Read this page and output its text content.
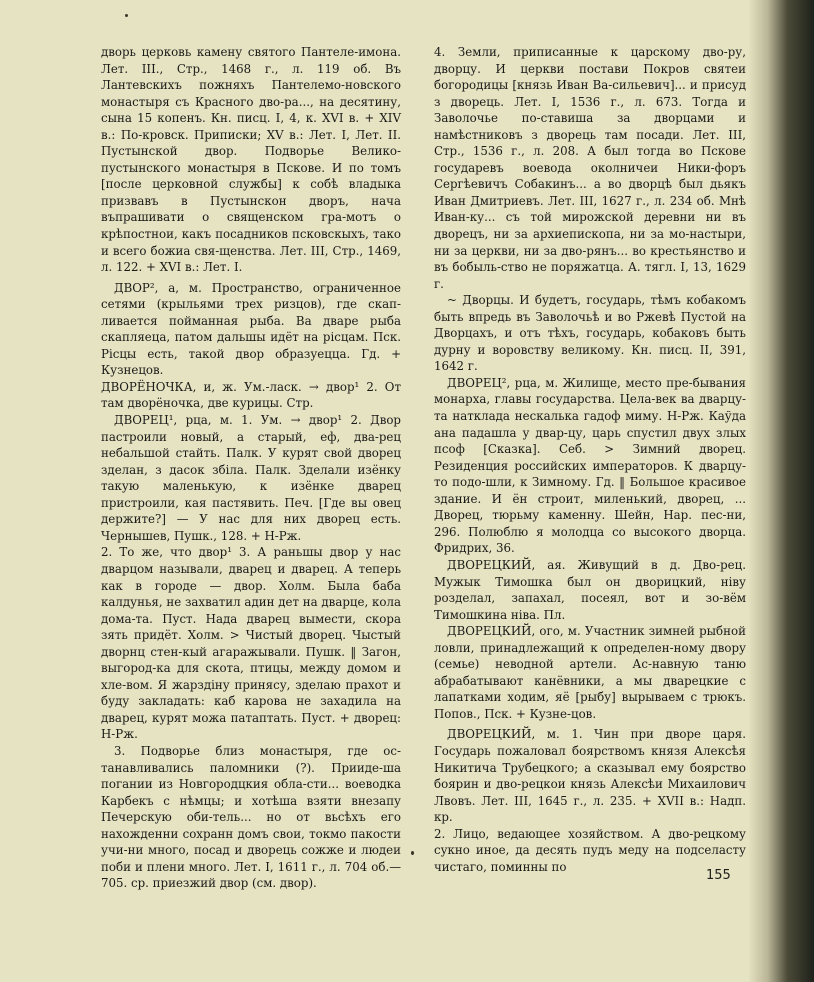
дворь церковь камену святого Пантеле-имона. Лет. III., Стр., 1468 г., л. 119 об. Въ Лантевскихъ пожняхъ Пантелемо-новского монастыря съ Красного дво-ра..., на десятину, сына 15 копенъ. Кн. писц. I, 4, к. XVI в. + XIV в.: По-кровск. Приписки; XV в.: Лет. I, Лет. II. Пустынской двор. Подворье Велико-пустынского монастыря в Пскове. И по томъ [после церковной службы] к собѣ владыка призвавъ в Пустынскон дворъ, нача въпрашивати о священском гра-мотъ о крѣпостнои, какъ посадников псковскыхъ, тако и всего божиа свя-щенства. Лет. III, Стр., 1469, л. 122. + XVI в.: Лет. I.

ДВОР², а, м. Пространство, ограниченное сетями (крыльями трех ризцов), где скап-ливается пойманная рыба. Ва дваре рыба скапляеца, патом дальшы идёт на рісцам. Пск. Рісцы есть, такой двор образуецца. Гд. + Кузнецов.

ДВОРЁНОЧКА, и, ж. Ум.-ласк. → двор¹ 2. От там дворёночка, две курицы. Стр.

ДВОРЕЦ¹, рца, м. 1. Ум. → двор¹ 2. Двор пастроили новый, а старый, еф, два-рец небальшой стайть. Палк. У курят свой дворец зделан, з дасок збіла. Палк. Зделали изёнку такую маленькую, к изёнке дварец пристроили, кая пастявить. Печ. [Где вы овец держите?] — У нас для них дворец есть. Чернышев, Пушк., 128. + Н-Рж.

2. То же, что двор¹ 3. А раньшы двор у нас дварцом называли, дварец и дварец. А теперь как в городе — двор. Холм. Была баба калдунья, не захватил адин дет на дварце, кола дома-та. Пуст. Нада дварец вымести, скора зять придёт. Холм. > Чистый дворец. Чыстый дворнц стен-кый агаражывали. Пушк. ‖ Загон, выгород-ка для скота, птицы, между домом и хле-вом. Я жарздіну принясу, зделаю прахот и буду закладать: каб карова не захадила на дварец, курят можа патаптать. Пуст. + дворец: Н-Рж.

3. Подворье близ монастыря, где ос-танавливались паломники (?). Прииде-ша погании из Новгородцкия обла-сти... воеводка Карбекъ с нѣмцы; и хотѣша взяти внезапу Печерскую оби-тель... но от вьсѣхъ его нахожденни сохранн домъ свои, токмо пакости учи-ни много, посад и дворець сожже и людеи поби и плени много. Лет. I, 1611 г., л. 704 об.—705. ср. приезжий двор (см. двор).

4. Земли, приписанные к царскому дво-ру, дворцу. И церкви постави Покров святеи богородицы [князь Иван Ва-сильевич]... и присуд з дворець. Лет. I, 1536 г., л. 673. Тогда и Заволочье по-ставиша за дворцами и намѣстниковъ з дворець там посади. Лет. III, Стр., 1536 г., л. 208. А был тогда во Пскове государевъ воевода околничеи Ники-форъ Сергѣевичъ Собакинъ... а во дворцѣ был дьякъ Иван Дмитриевъ. Лет. III, 1627 г., л. 234 об. Мнѣ Иван-ку... съ той мирожской деревни ни въ дворецъ, ни за архиепископа, ни за мо-настыри, ни за церкви, ни за дво-рянъ... во крестьянство и въ бобыль-ство не поряжатца. А. тягл. I, 13, 1629 г.

~ Дворцы. И будетъ, государь, тѣмъ кобакомъ быть впредь въ Заволочьѣ и во Ржевѣ Пустой на Дворцахъ, и отъ тѣхъ, государь, кобаковъ быть дурну и воровству великому. Кн. писц. II, 391, 1642 г.

ДВОРЕЦ², рца, м. Жилище, место пре-бывания монарха, главы государства. Цела-век ва дварцу-та натклада нескалька гадоф миму. Н-Рж. Каўда ана падашла у двар-цу, царь спустил двух злых псоф [Сказка]. Себ. > Зимний дворец. Резиденция российских императоров. К дварцу-то подо-шли, к Зимному. Гд. ‖ Большое красивое здание. И ён строит, миленький, дворец, ... Дворец, тюрьму каменну. Шейн, Нар. пес-ни, 296. Полюблю я молодца со высокого дворца. Фридрих, 36.

ДВОРЕЦКИЙ, ая. Живущий в д. Дво-рец. Мужык Тимошка был он дворицкий, ніву розделал, запахал, посеял, вот и зо-вём Тимошкина ніва. Пл.

ДВОРЕЦКИЙ, ого, м. Участник зимней рыбной ловли, принадлежащий к определен-ному двору (семье) неводной артели. Ас-навную таню абрабатывают канёвники, а мы дварецкие с лапатками ходим, яё [рыбу] вырываем с трюкъ. Попов., Пск. + Кузне-цов.

ДВОРЕЦКИЙ, м. 1. Чин при дворе царя. Государь пожаловал боярствомъ князя Алексѣя Никитича Трубецкого; а сказывал ему боярство боярин и дво-рецкои князь Алексѣи Михаилович Лвовъ. Лет. III, 1645 г., л. 235. + XVII в.: Надп. кр.

2. Лицо, ведающее хозяйством. А дво-рецкому сукно иное, да десять пудъ меду на подселасту чистаго, поминны по

155
